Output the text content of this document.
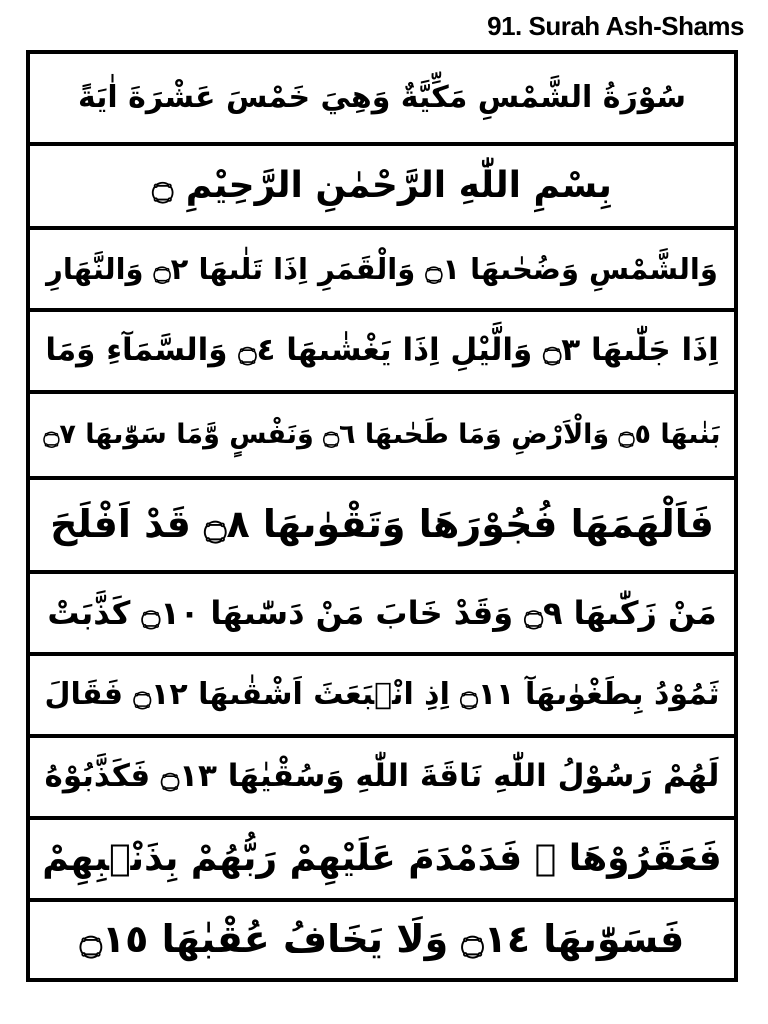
91. Surah Ash-Shams
سُوْرَةُ الشَّمْسِ مَكِّيَّةٌ وَهِيَ خَمْسَ عَشْرَةَ اٰيَةً
بِسْمِ اللّٰهِ الرَّحْمٰنِ الرَّحِيْمِ ۝
وَالشَّمْسِ وَضُحٰىهَا ۝١ وَالْقَمَرِ اِذَا تَلٰىهَا ۝٢ وَالنَّهَارِ
اِذَا جَلّٰىهَا ۝٣ وَالَّيْلِ اِذَا يَغْشٰىهَا ۝٤ وَالسَّمَآءِ وَمَا
بَنٰىهَا ۝٥ وَالْاَرْضِ وَمَا طَحٰىهَا ۝٦ وَنَفْسٍ وَّمَا سَوّٰىهَا ۝٧
فَاَلْهَمَهَا فُجُوْرَهَا وَتَقْوٰىهَا ۝٨ قَدْ اَفْلَحَ
مَنْ زَكّٰىهَا ۝٩ وَقَدْ خَابَ مَنْ دَسّٰىهَا ۝١٠ كَذَّبَتْ
ثَمُوْدُ بِطَغْوٰىهَآ ۝١١ اِذِ انْۢبَعَثَ اَشْقٰىهَا ۝١٢ فَقَالَ
لَهُمْ رَسُوْلُ اللّٰهِ نَاقَةَ اللّٰهِ وَسُقْيٰهَا ۝١٣ فَكَذَّبُوْهُ
فَعَقَرُوْهَا ۙ فَدَمْدَمَ عَلَيْهِمْ رَبُّهُمْ بِذَنْۢبِهِمْ
فَسَوّٰىهَا ۝١٤ وَلَا يَخَافُ عُقْبٰهَا ۝١٥
